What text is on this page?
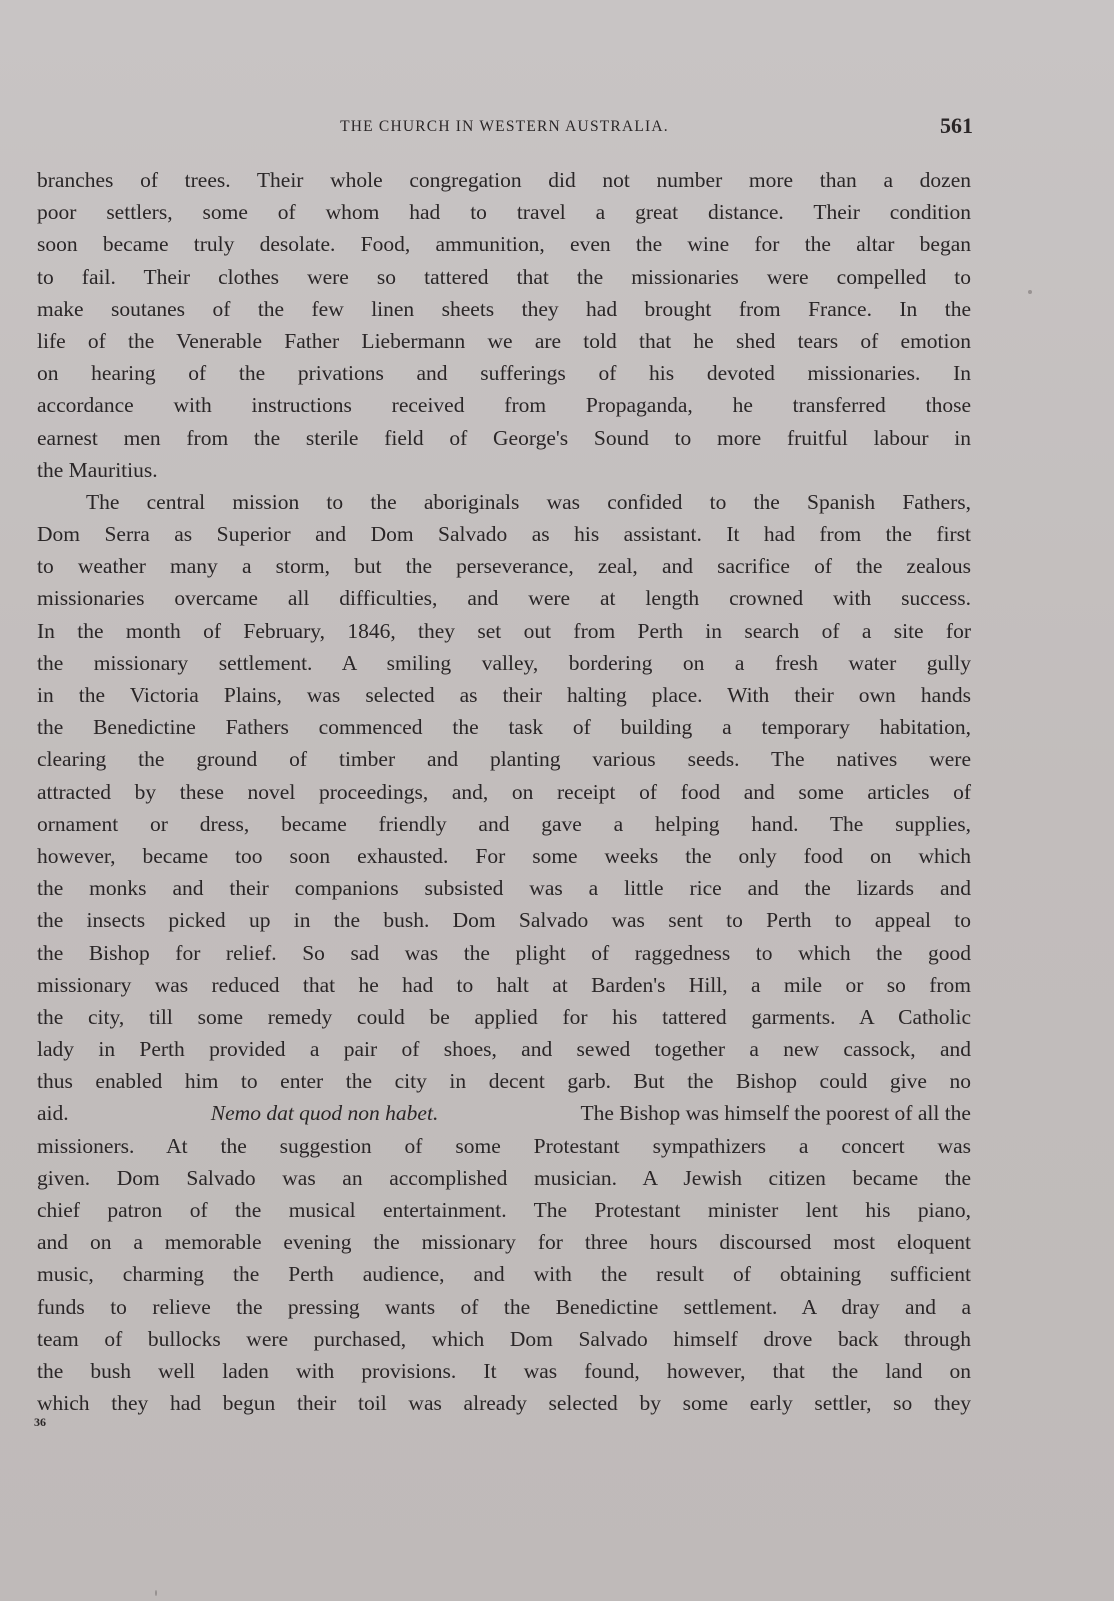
THE CHURCH IN WESTERN AUSTRALIA.	561
branches of trees. Their whole congregation did not number more than a dozen
poor settlers, some of whom had to travel a great distance. Their condition
soon became truly desolate. Food, ammunition, even the wine for the altar began
to fail. Their clothes were so tattered that the missionaries were compelled to
make soutanes of the few linen sheets they had brought from France. In the
life of the Venerable Father Liebermann we are told that he shed tears of emotion
on hearing of the privations and sufferings of his devoted missionaries. In
accordance with instructions received from Propaganda, he transferred those
earnest men from the sterile field of George's Sound to more fruitful labour in
the Mauritius.
The central mission to the aboriginals was confided to the Spanish Fathers,
Dom Serra as Superior and Dom Salvado as his assistant. It had from the first
to weather many a storm, but the perseverance, zeal, and sacrifice of the zealous
missionaries overcame all difficulties, and were at length crowned with success.
In the month of February, 1846, they set out from Perth in search of a site for
the missionary settlement. A smiling valley, bordering on a fresh water gully
in the Victoria Plains, was selected as their halting place. With their own hands
the Benedictine Fathers commenced the task of building a temporary habitation,
clearing the ground of timber and planting various seeds. The natives were
attracted by these novel proceedings, and, on receipt of food and some articles of
ornament or dress, became friendly and gave a helping hand. The supplies,
however, became too soon exhausted. For some weeks the only food on which
the monks and their companions subsisted was a little rice and the lizards and
the insects picked up in the bush. Dom Salvado was sent to Perth to appeal to
the Bishop for relief. So sad was the plight of raggedness to which the good
missionary was reduced that he had to halt at Barden's Hill, a mile or so from
the city, till some remedy could be applied for his tattered garments. A Catholic
lady in Perth provided a pair of shoes, and sewed together a new cassock, and
thus enabled him to enter the city in decent garb. But the Bishop could give no
aid.	Nemo dat quod non habet.	The Bishop was himself the poorest of all the
missioners. At the suggestion of some Protestant sympathizers a concert was
given. Dom Salvado was an accomplished musician. A Jewish citizen became the
chief patron of the musical entertainment. The Protestant minister lent his piano,
and on a memorable evening the missionary for three hours discoursed most eloquent
music, charming the Perth audience, and with the result of obtaining sufficient
funds to relieve the pressing wants of the Benedictine settlement. A dray and a
team of bullocks were purchased, which Dom Salvado himself drove back through
the bush well laden with provisions. It was found, however, that the land on
which they had begun their toil was already selected by some early settler, so they
36
